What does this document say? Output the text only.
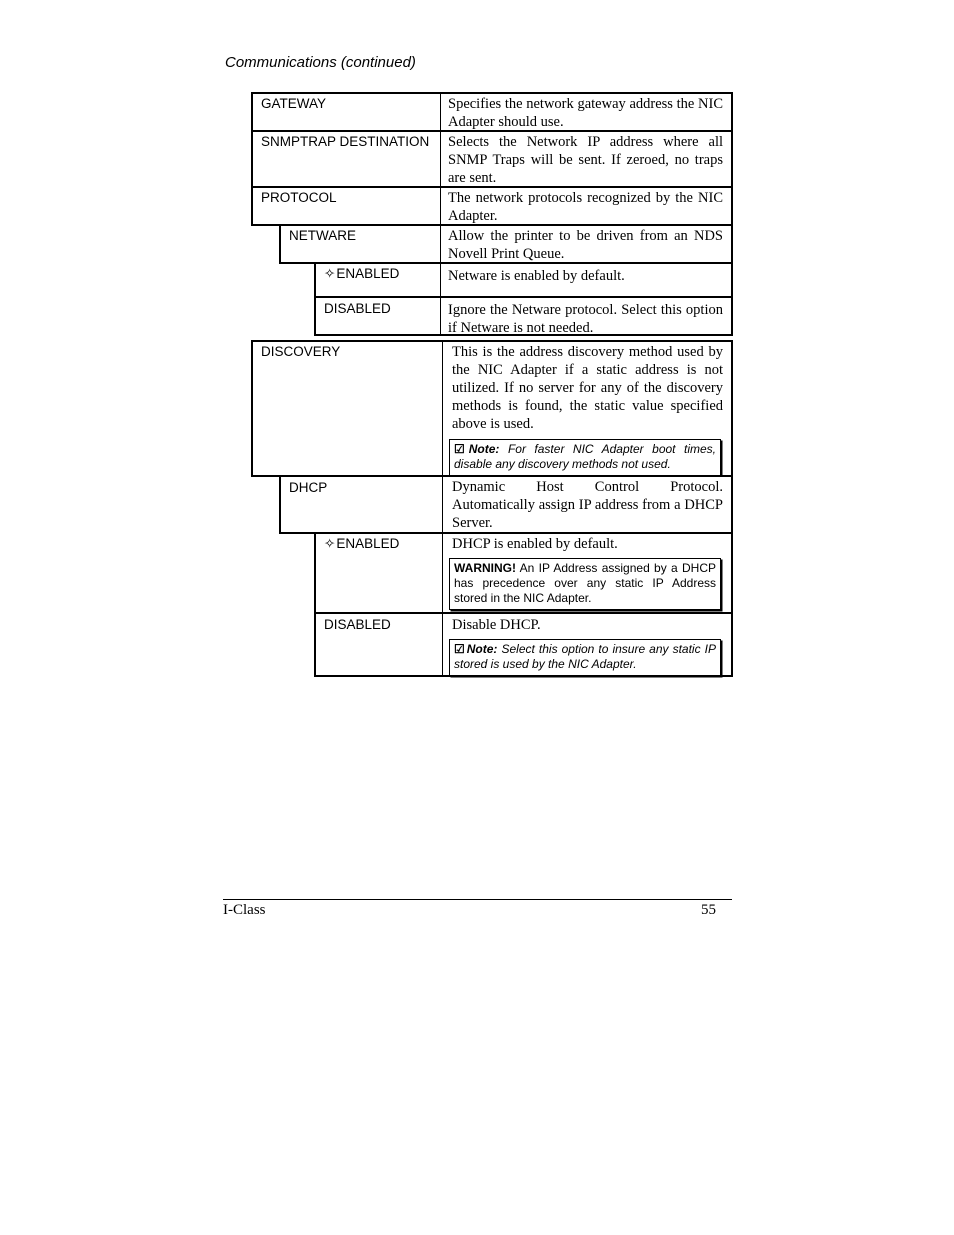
Communications (continued)
GATEWAY	Specifies the network gateway address the NIC Adapter should use.
SNMPTRAP DESTINATION	Selects the Network IP address where all SNMP Traps will be sent. If zeroed, no traps are sent.
PROTOCOL	The network protocols recognized by the NIC Adapter.
NETWARE	Allow the printer to be driven from an NDS Novell Print Queue.
✧ENABLED	Netware is enabled by default.
DISABLED	Ignore the Netware protocol. Select this option if Netware is not needed.
DISCOVERY	This is the address discovery method used by the NIC Adapter if a static address is not utilized. If no server for any of the discovery methods is found, the static value specified above is used.
☑ Note: For faster NIC Adapter boot times, disable any discovery methods not used.
DHCP	Dynamic Host Control Protocol. Automatically assign IP address from a DHCP Server.
✧ENABLED	DHCP is enabled by default.
WARNING! An IP Address assigned by a DHCP has precedence over any static IP Address stored in the NIC Adapter.
DISABLED	Disable DHCP.
☑ Note: Select this option to insure any static IP stored is used by the NIC Adapter.
I-Class	55
